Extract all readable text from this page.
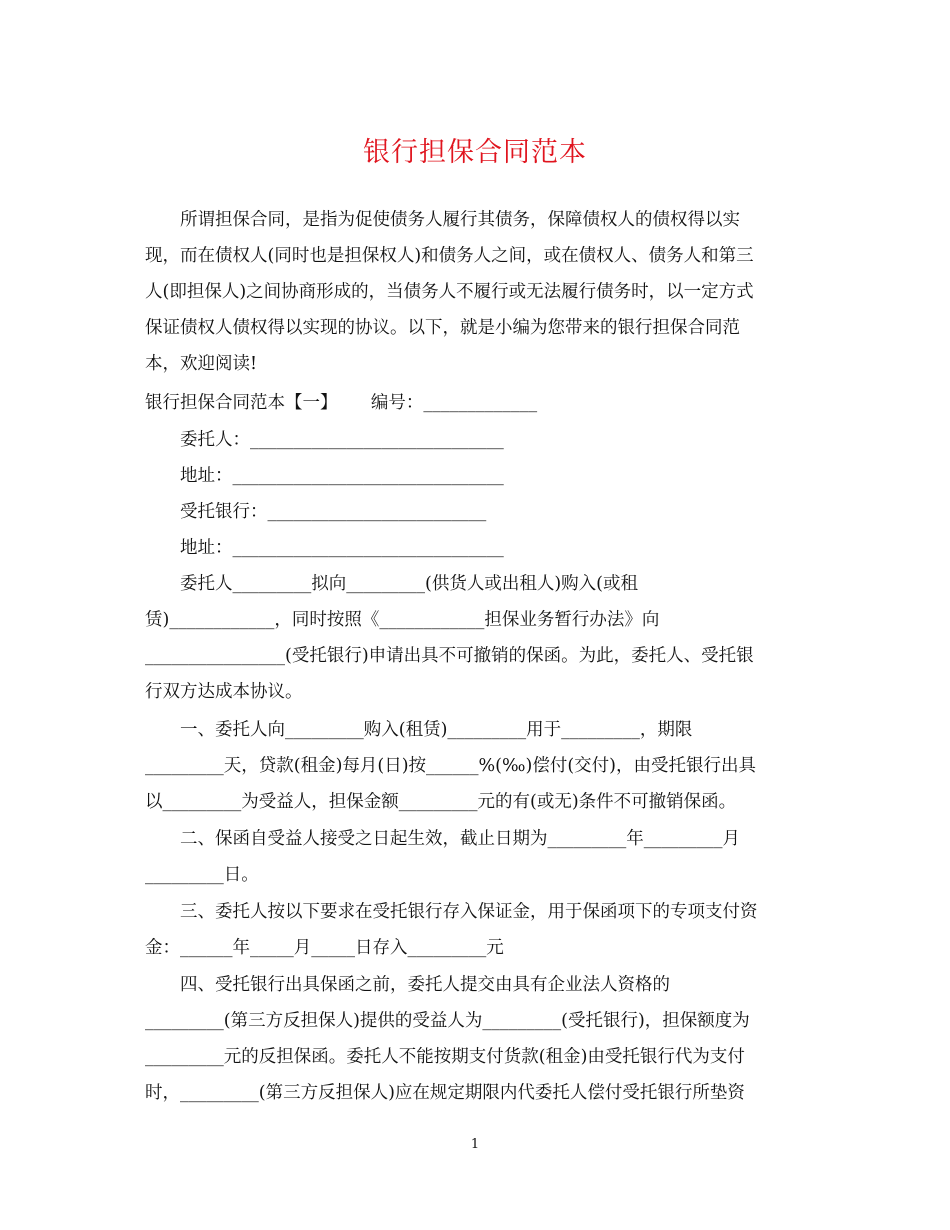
银行担保合同范本
所谓担保合同，是指为促使债务人履行其债务，保障债权人的债权得以实
现，而在债权人(同时也是担保权人)和债务人之间，或在债权人、债务人和第三
人(即担保人)之间协商形成的，当债务人不履行或无法履行债务时，以一定方式
保证债权人债权得以实现的协议。以下，就是小编为您带来的银行担保合同范
本，欢迎阅读!
银行担保合同范本【一】      编号：_____________
委托人：_____________________________
地址：_______________________________
受托银行：_________________________
地址：_______________________________
委托人_________拟向_________(供货人或出租人)购入(或租
赁)____________，同时按照《____________担保业务暂行办法》向
________________(受托银行)申请出具不可撤销的保函。为此，委托人、受托银
行双方达成本协议。
一、委托人向_________购入(租赁)_________用于_________，期限
_________天，贷款(租金)每月(日)按______%(‰)偿付(交付)，由受托银行出具
以_________为受益人，担保金额_________元的有(或无)条件不可撤销保函。
二、保函自受益人接受之日起生效，截止日期为_________年_________月
_________日。
三、委托人按以下要求在受托银行存入保证金，用于保函项下的专项支付资
金：______年_____月_____日存入_________元
四、受托银行出具保函之前，委托人提交由具有企业法人资格的
_________(第三方反担保人)提供的受益人为_________(受托银行)，担保额度为
_________元的反担保函。委托人不能按期支付货款(租金)由受托银行代为支付
时，_________(第三方反担保人)应在规定期限内代委托人偿付受托银行所垫资
1
